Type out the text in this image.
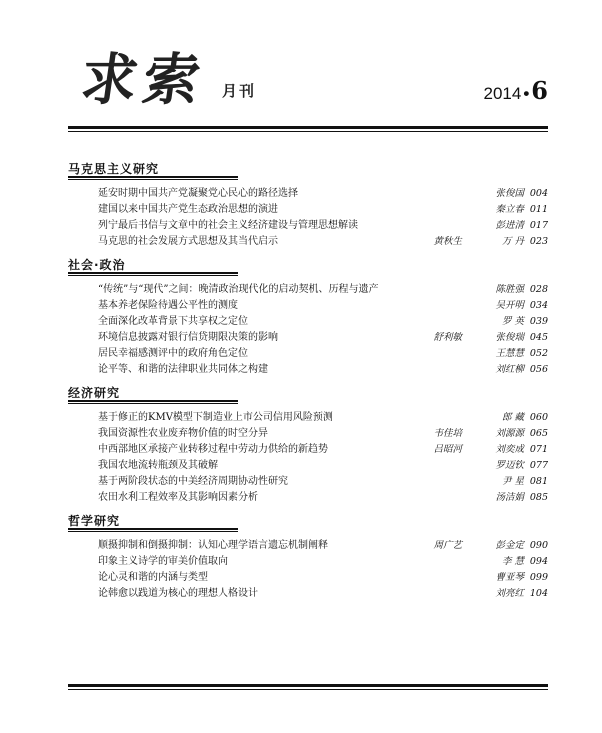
求索 月刊	2014 •6
马克思主义研究
延安时期中国共产党凝聚党心民心的路径选择	张俊国 004
建国以来中国共产党生态政治思想的演进	秦立春 011
列宁最后书信与文章中的社会主义经济建设与管理思想解读	彭进清 017
马克思的社会发展方式思想及其当代启示	黄秋生	万 丹 023
社会·政治
“传统”与“现代”之间：晚清政治现代化的启动契机、历程与遗产	陈胜强 028
基本养老保险待遇公平性的测度	吴开明 034
全面深化改革背景下共享权之定位	罗 英 039
环境信息披露对银行信贷期限决策的影响	舒利敏	张俊瑞 045
居民幸福感测评中的政府角色定位	王慧慧 052
论平等、和谐的法律职业共同体之构建	刘红柳 056
经济研究
基于修正的KMV模型下制造业上市公司信用风险预测	郎 藏 060
我国资源性农业废弃物价值的时空分异	韦佳培	刘源源 065
中西部地区承接产业转移过程中劳动力供给的新趋势	吕昭河	刘奕成 071
我国农地流转瓶颈及其破解	罗迈钦 077
基于两阶段状态的中美经济周期协动性研究	尹 星 081
农田水利工程效率及其影响因素分析	汤洁娟 085
哲学研究
顺摄抑制和倒摄抑制：认知心理学语言遗忘机制阐释	周广艺	彭金定 090
印象主义诗学的审美价值取向	李 慧 094
论心灵和谐的内涵与类型	曹亚琴 099
论韩愈以践道为核心的理想人格设计	刘亮红 104
